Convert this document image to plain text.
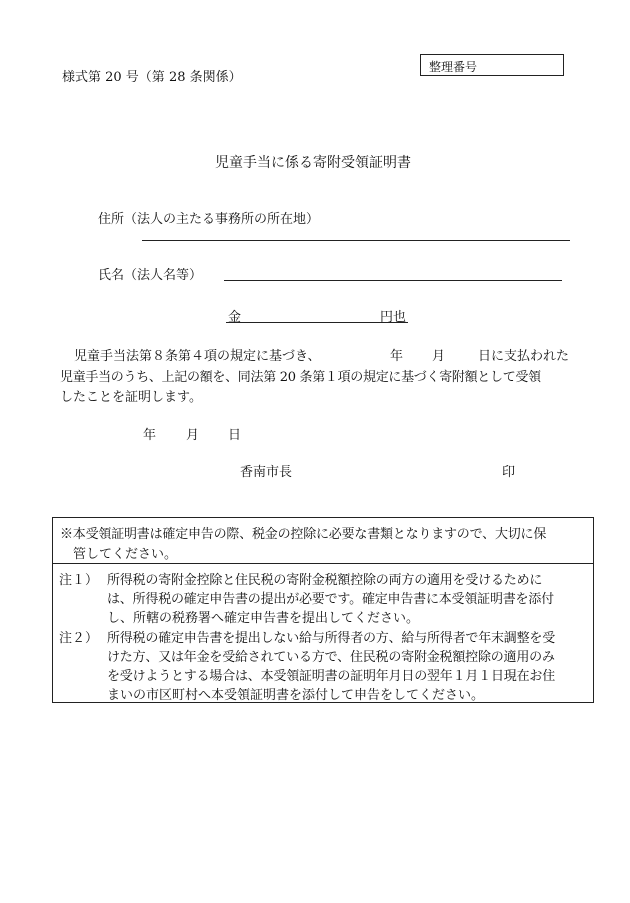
様式第 20 号（第 28 条関係）
整理番号
児童手当に係る寄附受領証明書
住所（法人の主たる事務所の所在地）
氏名（法人名等）
金	円也
児童手当法第８条第４項の規定に基づき、	年 月	日に支払われた
児童手当のうち、上記の額を、同法第 20 条第１項の規定に基づく寄附額として受領
したことを証明します。
年 月 日
香南市長	印
※本受領証明書は確定申告の際、税金の控除に必要な書類となりますので、大切に保
管してください。
注１） 所得税の寄附金控除と住民税の寄附金税額控除の両方の適用を受けるために
は、所得税の確定申告書の提出が必要です。確定申告書に本受領証明書を添付
し、所轄の税務署へ確定申告書を提出してください。
注２） 所得税の確定申告書を提出しない給与所得者の方、給与所得者で年末調整を受
けた方、又は年金を受給されている方で、住民税の寄附金税額控除の適用のみ
を受けようとする場合は、本受領証明書の証明年月日の翌年１月１日現在お住
まいの市区町村へ本受領証明書を添付して申告をしてください。
